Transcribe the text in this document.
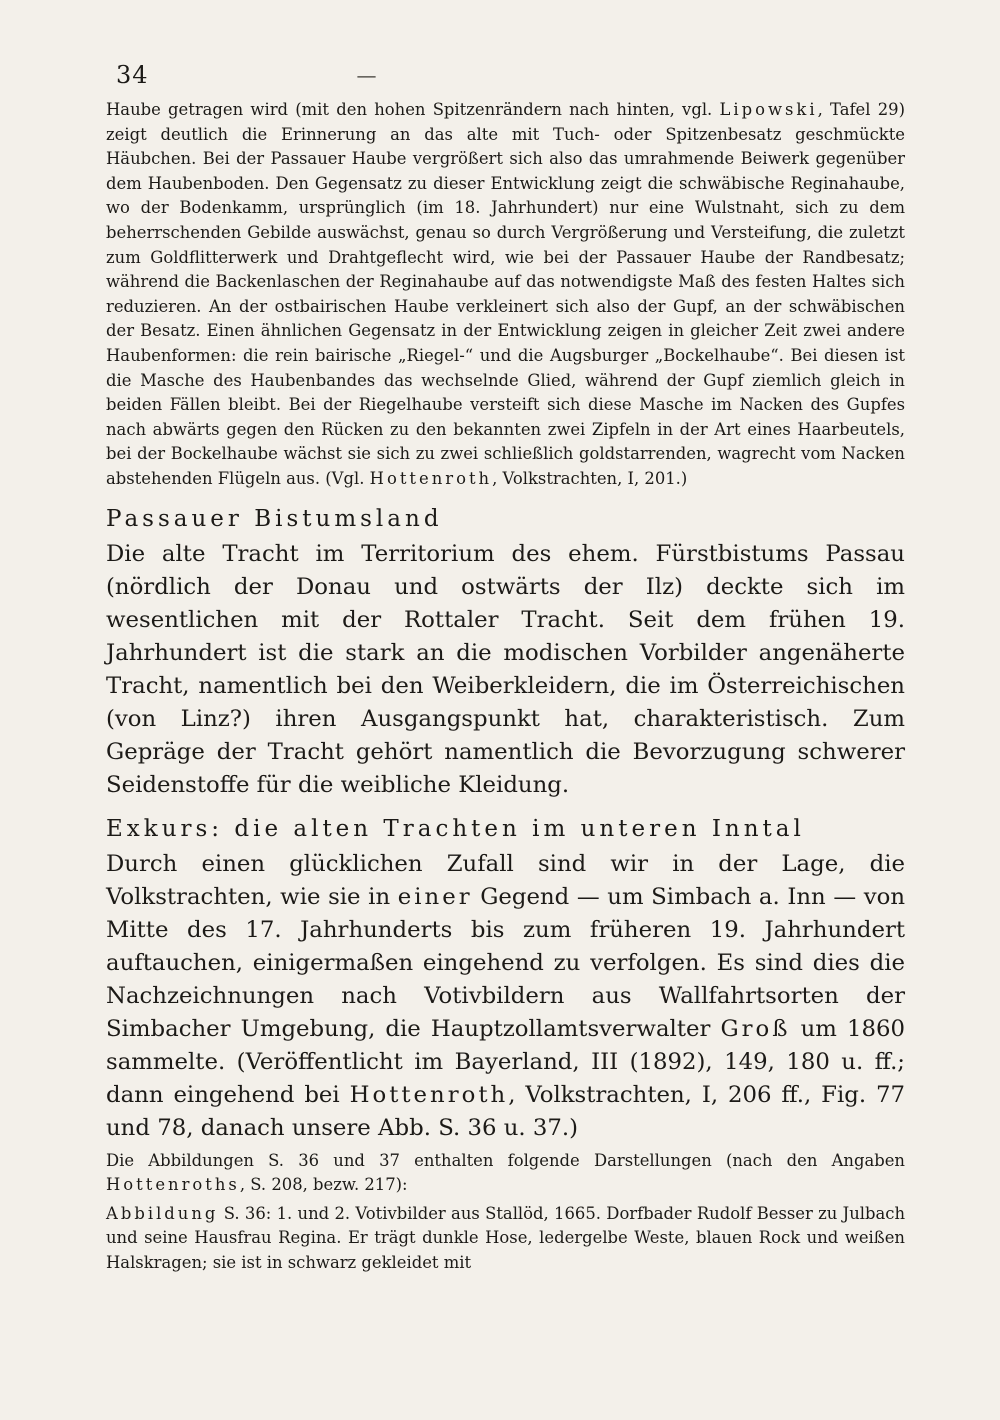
34	—

Haube getragen wird (mit den hohen Spitzenrändern nach hinten, vgl. Lipowski, Tafel 29) zeigt deutlich die Erinnerung an das alte mit Tuch- oder Spitzenbesatz geschmückte Häubchen. Bei der Passauer Haube vergrößert sich also das umrahmende Beiwerk gegenüber dem Haubenboden. Den Gegensatz zu dieser Entwicklung zeigt die schwäbische Reginahaube, wo der Bodenkamm, ursprünglich (im 18. Jahrhundert) nur eine Wulstnaht, sich zu dem beherrschenden Gebilde auswächst, genau so durch Vergrößerung und Versteifung, die zuletzt zum Goldflitterwerk und Drahtgeflecht wird, wie bei der Passauer Haube der Randbesatz; während die Backenlaschen der Reginahaube auf das notwendigste Maß des festen Haltes sich reduzieren. An der ostbairischen Haube verkleinert sich also der Gupf, an der schwäbischen der Besatz. Einen ähnlichen Gegensatz in der Entwicklung zeigen in gleicher Zeit zwei andere Haubenformen: die rein bairische „Riegel-“ und die Augsburger „Bockelhaube“. Bei diesen ist die Masche des Haubenbandes das wechselnde Glied, während der Gupf ziemlich gleich in beiden Fällen bleibt. Bei der Riegelhaube versteift sich diese Masche im Nacken des Gupfes nach abwärts gegen den Rücken zu den bekannten zwei Zipfeln in der Art eines Haarbeutels, bei der Bockelhaube wächst sie sich zu zwei schließlich goldstarrenden, wagrecht vom Nacken abstehenden Flügeln aus. (Vgl. Hottenroth, Volkstrachten, I, 201.)

Passauer Bistumsland

Die alte Tracht im Territorium des ehem. Fürstbistums Passau (nördlich der Donau und ostwärts der Ilz) deckte sich im wesentlichen mit der Rottaler Tracht. Seit dem frühen 19. Jahrhundert ist die stark an die modischen Vorbilder angenäherte Tracht, namentlich bei den Weiberkleidern, die im Österreichischen (von Linz?) ihren Ausgangspunkt hat, charakteristisch. Zum Gepräge der Tracht gehört namentlich die Bevorzugung schwerer Seidenstoffe für die weibliche Kleidung.

Exkurs: die alten Trachten im unteren Inntal

Durch einen glücklichen Zufall sind wir in der Lage, die Volkstrachten, wie sie in einer Gegend — um Simbach a. Inn — von Mitte des 17. Jahrhunderts bis zum früheren 19. Jahrhundert auftauchen, einigermaßen eingehend zu verfolgen. Es sind dies die Nachzeichnungen nach Votivbildern aus Wallfahrtsorten der Simbacher Umgebung, die Hauptzollamtsverwalter Groß um 1860 sammelte. (Veröffentlicht im Bayerland, III (1892), 149, 180 u. ff.; dann eingehend bei Hottenroth, Volkstrachten, I, 206 ff., Fig. 77 und 78, danach unsere Abb. S. 36 u. 37.)

Die Abbildungen S. 36 und 37 enthalten folgende Darstellungen (nach den Angaben Hottenroths, S. 208, bezw. 217):

Abbildung S. 36: 1. und 2. Votivbilder aus Stallöd, 1665. Dorfbader Rudolf Besser zu Julbach und seine Hausfrau Regina. Er trägt dunkle Hose, ledergelbe Weste, blauen Rock und weißen Halskragen; sie ist in schwarz gekleidet mit
